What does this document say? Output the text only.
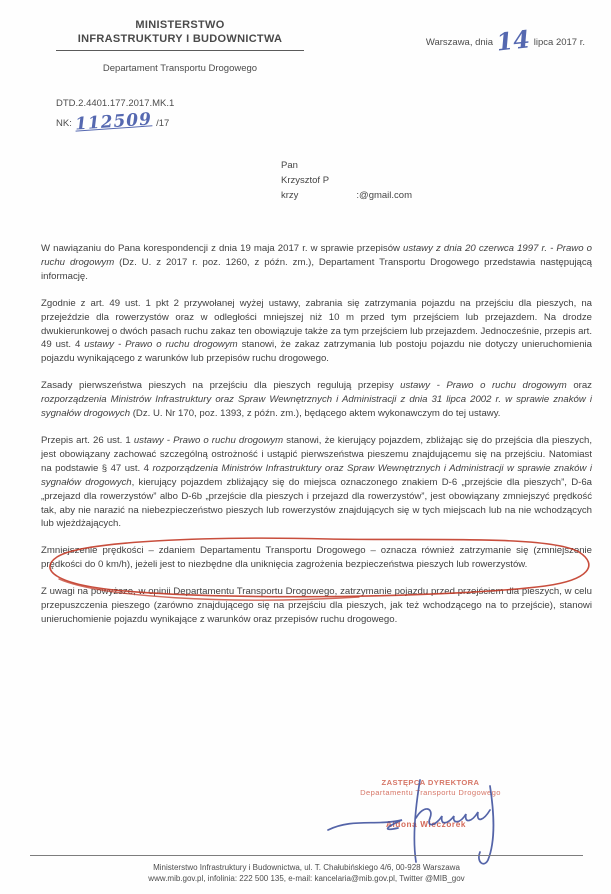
MINISTERSTWO
INFRASTRUKTURY I BUDOWNICTWA
Departament Transportu Drogowego
Warszawa, dnia 14 lipca 2017 r.
DTD.2.4401.177.2017.MK.1
NK: 112509 /17
Pan
Krzysztof P
krzy	:@gmail.com

W nawiązaniu do Pana korespondencji z dnia 19 maja 2017 r. w sprawie przepisów ustawy z dnia 20 czerwca 1997 r. - Prawo o ruchu drogowym (Dz. U. z 2017 r. poz. 1260, z późn. zm.), Departament Transportu Drogowego przedstawia następującą informację.

Zgodnie z art. 49 ust. 1 pkt 2 przywołanej wyżej ustawy, zabrania się zatrzymania pojazdu na przejściu dla pieszych, na przejeździe dla rowerzystów oraz w odległości mniejszej niż 10 m przed tym przejściem lub przejazdem. Na drodze dwukierunkowej o dwóch pasach ruchu zakaz ten obowiązuje także za tym przejściem lub przejazdem. Jednocześnie, przepis art. 49 ust. 4 ustawy - Prawo o ruchu drogowym stanowi, że zakaz zatrzymania lub postoju pojazdu nie dotyczy unieruchomienia pojazdu wynikającego z warunków lub przepisów ruchu drogowego.

Zasady pierwszeństwa pieszych na przejściu dla pieszych regulują przepisy ustawy - Prawo o ruchu drogowym oraz rozporządzenia Ministrów Infrastruktury oraz Spraw Wewnętrznych i Administracji z dnia 31 lipca 2002 r. w sprawie znaków i sygnałów drogowych (Dz. U. Nr 170, poz. 1393, z późn. zm.), będącego aktem wykonawczym do tej ustawy.

Przepis art. 26 ust. 1 ustawy - Prawo o ruchu drogowym stanowi, że kierujący pojazdem, zbliżając się do przejścia dla pieszych, jest obowiązany zachować szczególną ostrożność i ustąpić pierwszeństwa pieszemu znajdującemu się na przejściu. Natomiast na podstawie § 47 ust. 4 rozporządzenia Ministrów Infrastruktury oraz Spraw Wewnętrznych i Administracji w sprawie znaków i sygnałów drogowych, kierujący pojazdem zbliżający się do miejsca oznaczonego znakiem D-6 „przejście dla pieszych”, D-6a „przejazd dla rowerzystów” albo D-6b „przejście dla pieszych i przejazd dla rowerzystów”, jest obowiązany zmniejszyć prędkość tak, aby nie narazić na niebezpieczeństwo pieszych lub rowerzystów znajdujących się w tych miejscach lub na nie wchodzących lub wjeżdżających.

Zmniejszenie prędkości – zdaniem Departamentu Transportu Drogowego – oznacza również zatrzymanie się (zmniejszenie prędkości do 0 km/h), jeżeli jest to niezbędne dla uniknięcia zagrożenia bezpieczeństwa pieszych lub rowerzystów.

Z uwagi na powyższe, w opinii Departamentu Transportu Drogowego, zatrzymanie pojazdu przed przejściem dla pieszych, w celu przepuszczenia pieszego (zarówno znajdującego się na przejściu dla pieszych, jak też wchodzącego na to przejście), stanowi unieruchomienie pojazdu wynikające z warunków oraz przepisów ruchu drogowego.

ZASTĘPCA DYREKTORA
Departamentu Transportu Drogowego
Aldona Wieczorek
Ministerstwo Infrastruktury i Budownictwa, ul. T. Chałubińskiego 4/6, 00-928 Warszawa
www.mib.gov.pl, infolinia: 222 500 135, e-mail: kancelaria@mib.gov.pl, Twitter @MIB_gov
